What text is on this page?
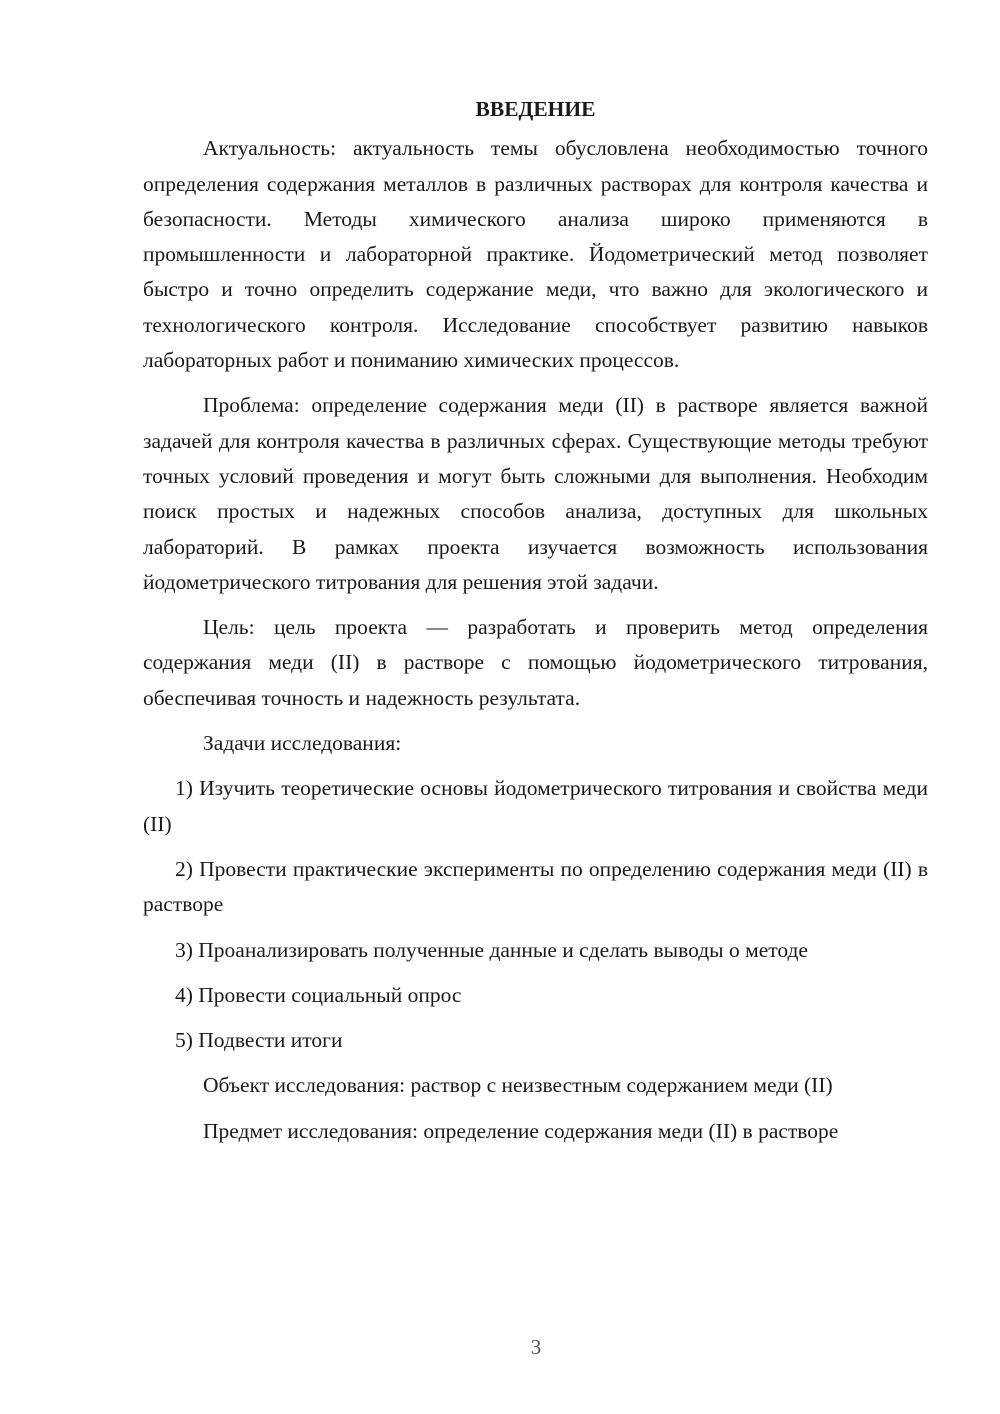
ВВЕДЕНИЕ

Актуальность: актуальность темы обусловлена необходимостью точного определения содержания металлов в различных растворах для контроля качества и безопасности. Методы химического анализа широко применяются в промышленности и лабораторной практике. Йодометрический метод позволяет быстро и точно определить содержание меди, что важно для экологического и технологического контроля. Исследование способствует развитию навыков лабораторных работ и пониманию химических процессов.

Проблема: определение содержания меди (II) в растворе является важной задачей для контроля качества в различных сферах. Существующие методы требуют точных условий проведения и могут быть сложными для выполнения. Необходим поиск простых и надежных способов анализа, доступных для школьных лабораторий. В рамках проекта изучается возможность использования йодометрического титрования для решения этой задачи.

Цель: цель проекта — разработать и проверить метод определения содержания меди (II) в растворе с помощью йодометрического титрования, обеспечивая точность и надежность результата.

Задачи исследования:

1) Изучить теоретические основы йодометрического титрования и свойства меди (II)

2) Провести практические эксперименты по определению содержания меди (II) в растворе

3) Проанализировать полученные данные и сделать выводы о методе

4) Провести социальный опрос

5) Подвести итоги

Объект исследования: раствор с неизвестным содержанием меди (II)

Предмет исследования: определение содержания меди (II) в растворе

3
